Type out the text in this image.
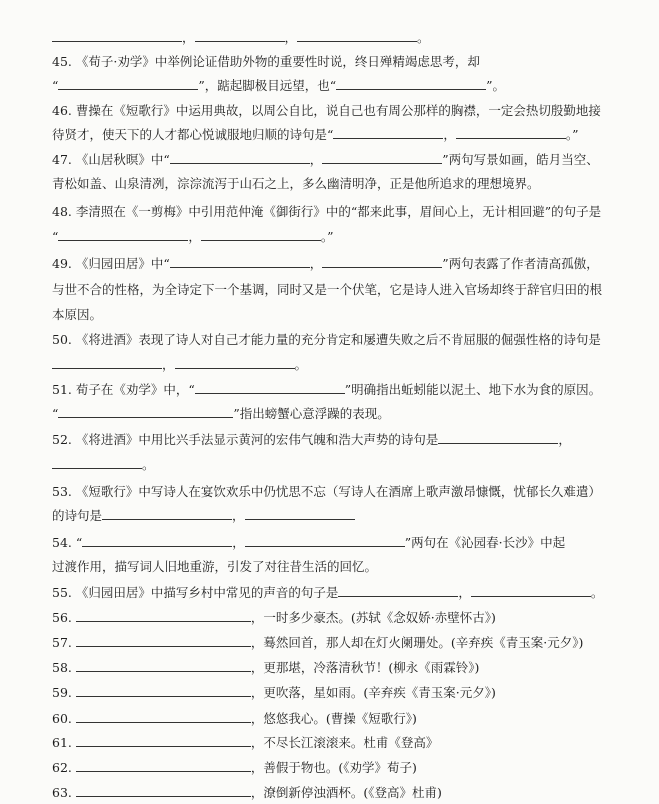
，	，	。
45. 《荀子·劝学》中举例论证借助外物的重要性时说，终日殚精竭虑思考，却
“	”，踮起脚极目远望，也“	”。
46. 曹操在《短歌行》中运用典故，以周公自比，说自己也有周公那样的胸襟，一定会热切殷勤地接
待贤才，使天下的人才都心悦诚服地归顺的诗句是“	，	。”
47. 《山居秋暝》中“	，	”两句写景如画，皓月当空、
青松如盖、山泉清冽，淙淙流泻于山石之上，多么幽清明净，正是他所追求的理想境界。
48. 李清照在《一剪梅》中引用范仲淹《御街行》中的“都来此事，眉间心上，无计相回避”的句子是
“	，	。”
49. 《归园田居》中“	，	”两句表露了作者清高孤傲，
与世不合的性格，为全诗定下一个基调，同时又是一个伏笔，它是诗人进入官场却终于辞官归田的根
本原因。
50. 《将进酒》表现了诗人对自己才能力量的充分肯定和屡遭失败之后不肯屈服的倔强性格的诗句是
，	。
51. 荀子在《劝学》中，“	”明确指出蚯蚓能以泥土、地下水为食的原因。
“	”指出螃蟹心意浮躁的表现。
52. 《将进酒》中用比兴手法显示黄河的宏伟气魄和浩大声势的诗句是	，
。
53. 《短歌行》中写诗人在宴饮欢乐中仍忧思不忘（写诗人在酒席上歌声激昂慷慨，忧郁长久难遣）
的诗句是	，
54. “	，	”两句在《沁园春·长沙》中起
过渡作用，描写词人旧地重游，引发了对往昔生活的回忆。
55. 《归园田居》中描写乡村中常见的声音的句子是	，	。
56.	，一时多少豪杰。(苏轼《念奴娇·赤壁怀古》)
57.	，蓦然回首，那人却在灯火阑珊处。(辛弃疾《青玉案·元夕》)
58.	，更那堪，冷落清秋节！(柳永《雨霖铃》)
59.	，更吹落，星如雨。(辛弃疾《青玉案·元夕》)
60.	，悠悠我心。(曹操《短歌行》)
61.	，不尽长江滚滚来。杜甫《登高》
62.	，善假于物也。(《劝学》荀子)
63.	，潦倒新停浊酒杯。(《登高》杜甫)
